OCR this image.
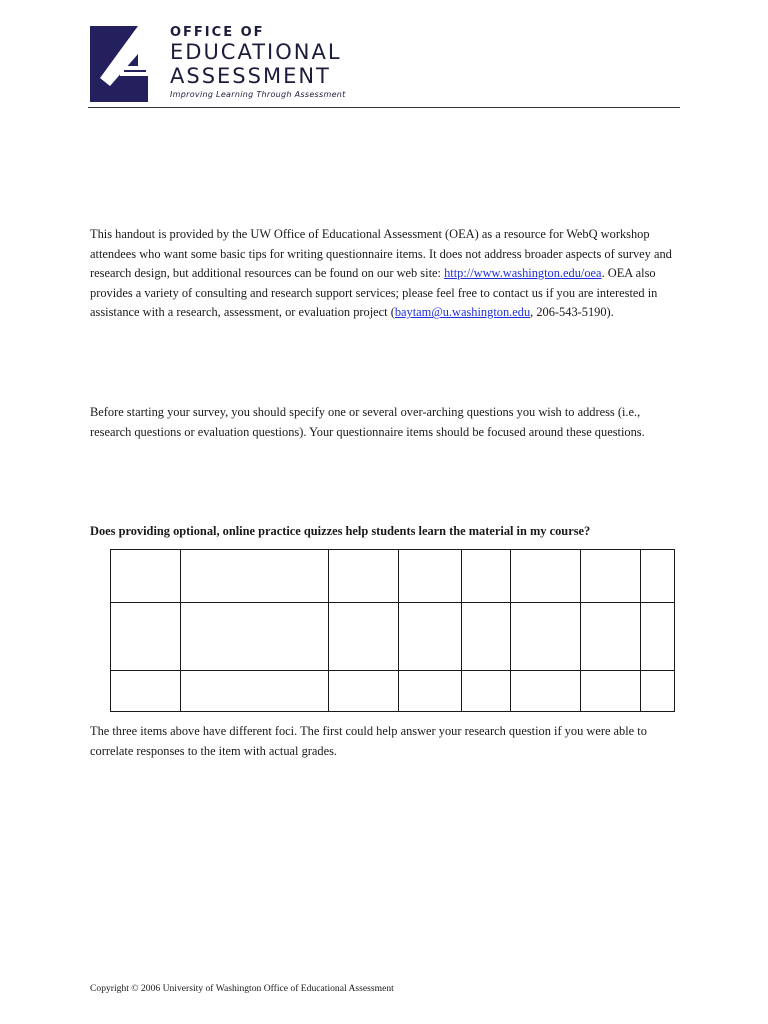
OFFICE OF
EDUCATIONAL
ASSESSMENT
Improving Learning Through Assessment
This handout is provided by the UW Office of Educational Assessment (OEA) as a resource for WebQ workshop attendees who want some basic tips for writing questionnaire items. It does not address broader aspects of survey and research design, but additional resources can be found on our web site: http://www.washington.edu/oea. OEA also provides a variety of consulting and research support services; please feel free to contact us if you are interested in assistance with a research, assessment, or evaluation project (baytam@u.washington.edu, 206-543-5190).
Before starting your survey, you should specify one or several over-arching questions you wish to address (i.e., research questions or evaluation questions). Your questionnaire items should be focused around these questions.
Does providing optional, online practice quizzes help students learn the material in my course?

The three items above have different foci. The first could help answer your research question if you were able to correlate responses to the item with actual grades.
Copyright © 2006 University of Washington Office of Educational Assessment
